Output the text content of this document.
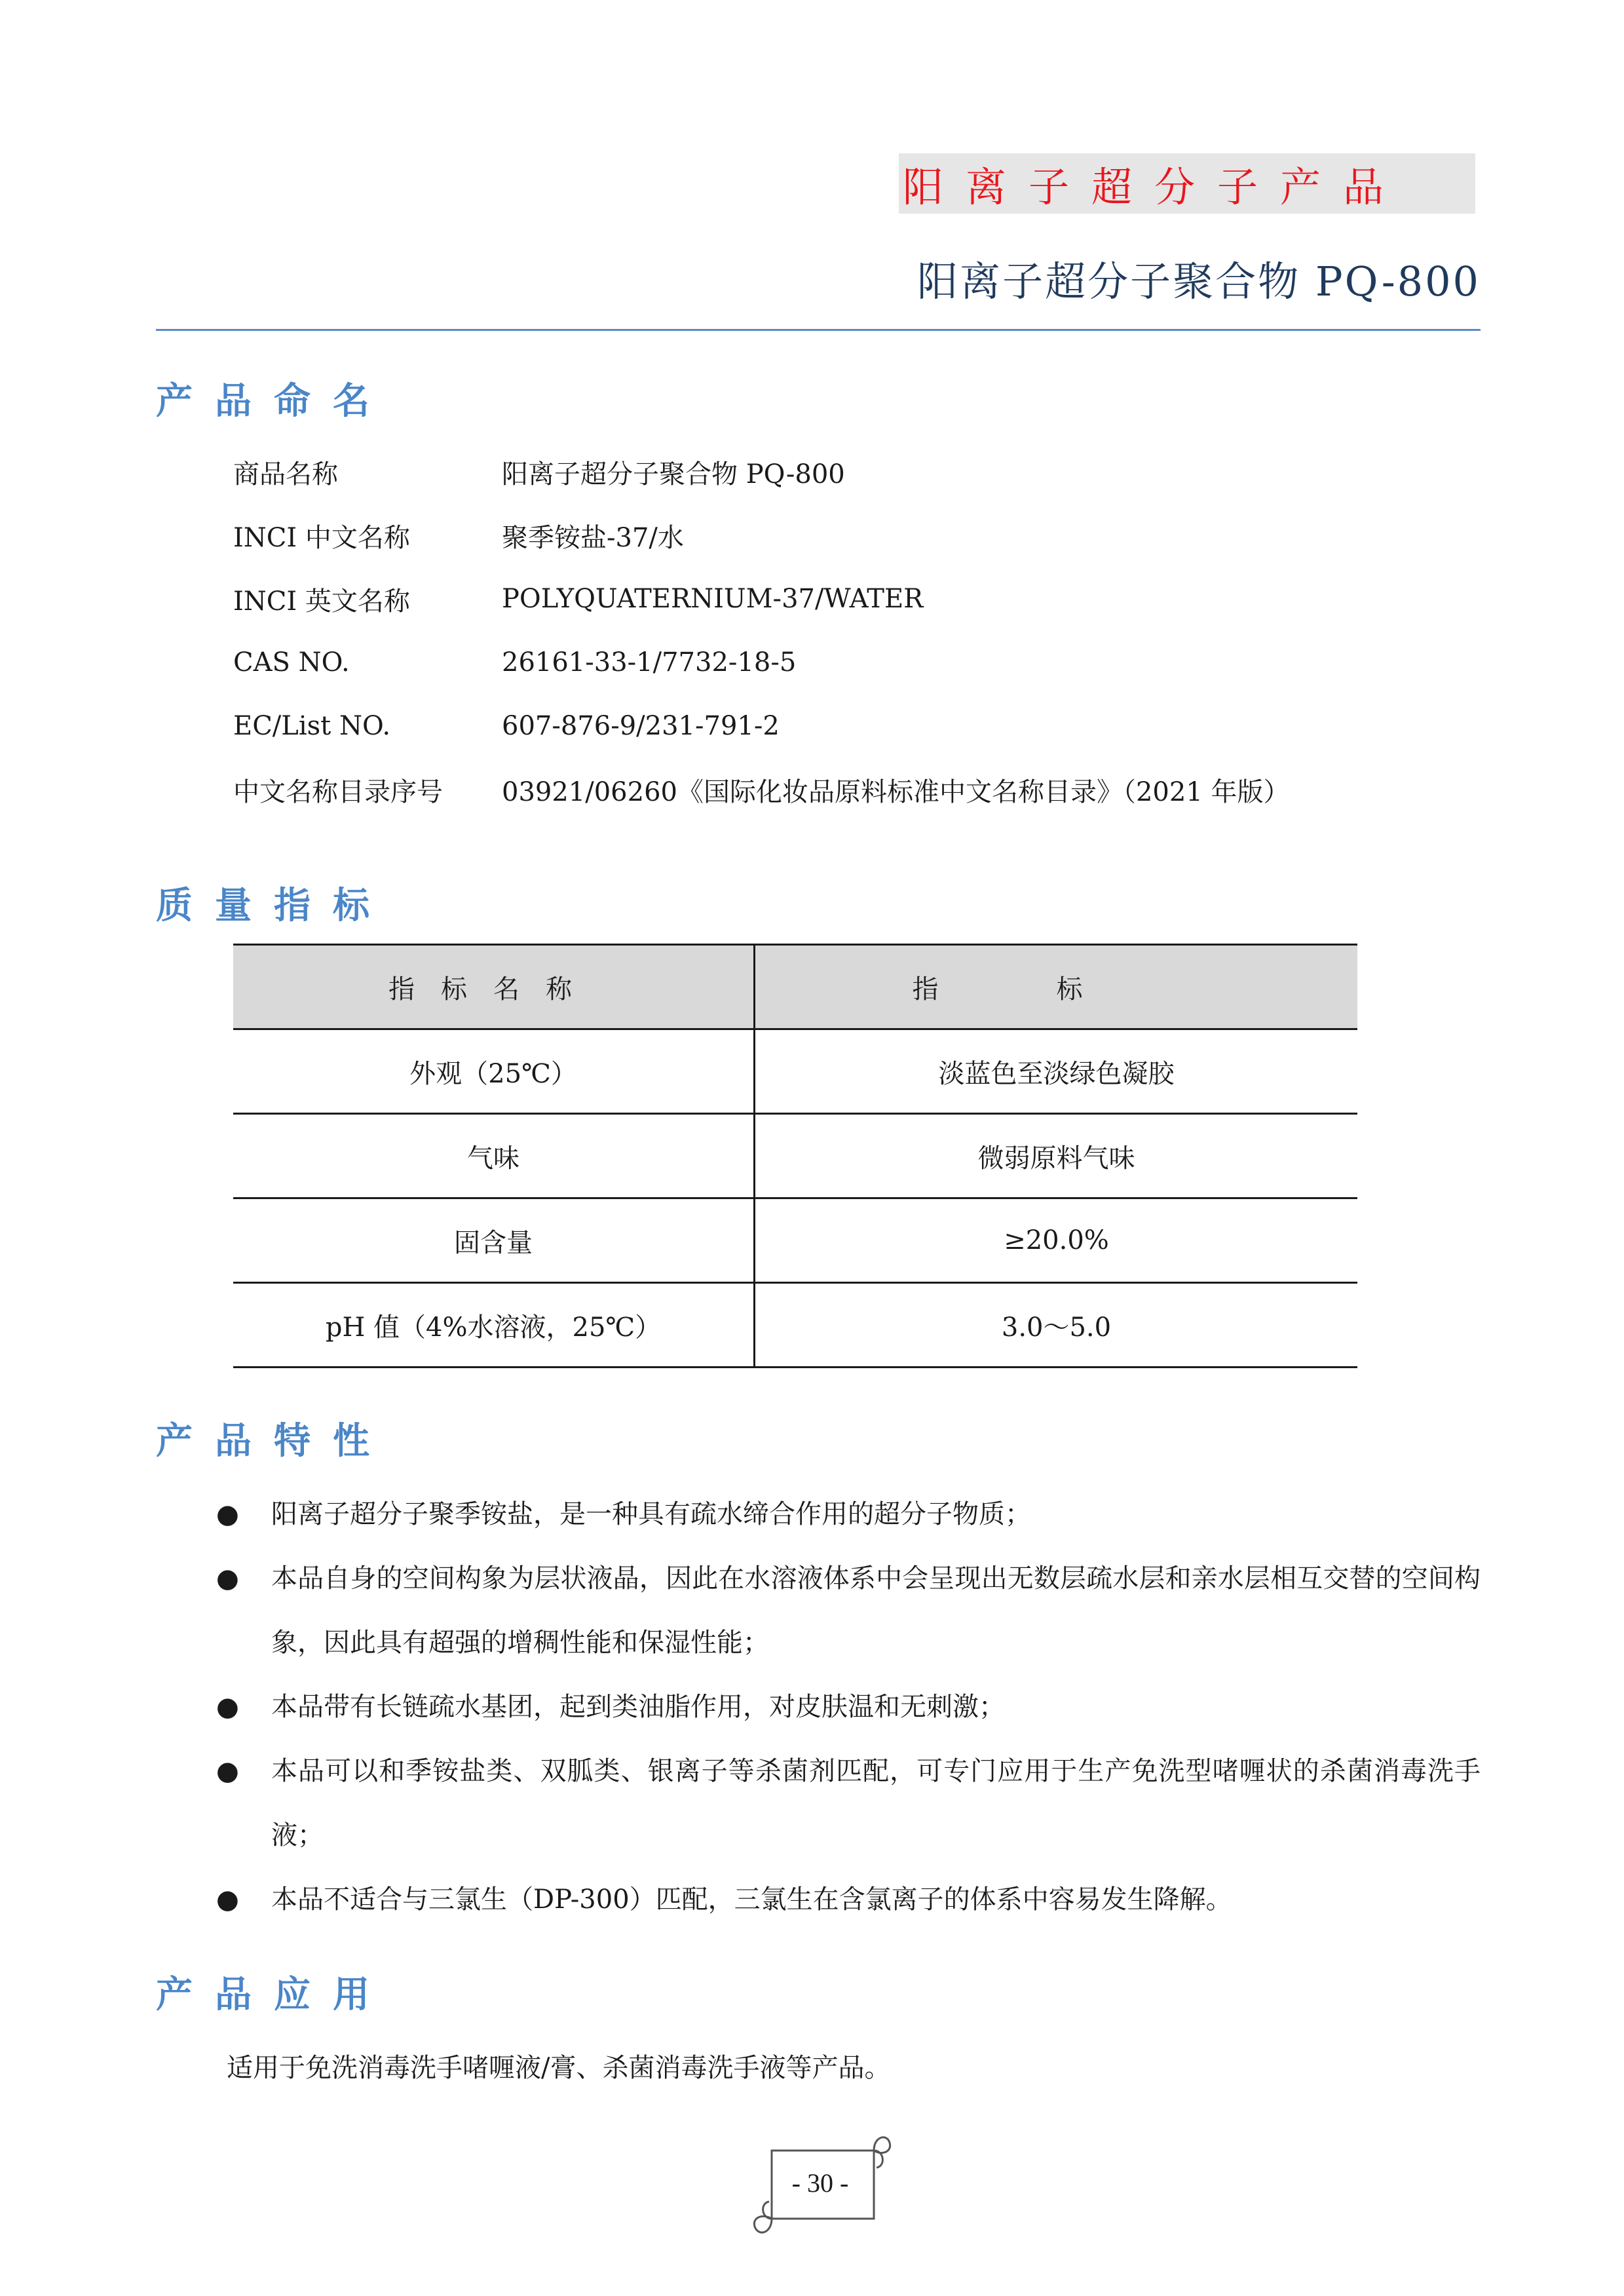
阳离子超分子产品
阳离子超分子聚合物 PQ-800
产品命名
商品名称	阳离子超分子聚合物 PQ-800
INCI 中文名称	聚季铵盐-37/水
INCI 英文名称	POLYQUATERNIUM-37/WATER
CAS NO.	26161-33-1/7732-18-5
EC/List NO.	607-876-9/231-791-2
中文名称目录序号	03921/06260《国际化妆品原料标准中文名称目录》（2021 年版）
质量指标
指标名称	指标
外观（25℃）	淡蓝色至淡绿色凝胶
气味	微弱原料气味
固含量	≥20.0%
pH 值（4%水溶液，25℃）	3.0～5.0
产品特性
●	阳离子超分子聚季铵盐，是一种具有疏水缔合作用的超分子物质；
●	本品自身的空间构象为层状液晶，因此在水溶液体系中会呈现出无数层疏水层和亲水层相互交替的空间构象，因此具有超强的增稠性能和保湿性能；
●	本品带有长链疏水基团，起到类油脂作用，对皮肤温和无刺激；
●	本品可以和季铵盐类、双胍类、银离子等杀菌剂匹配，可专门应用于生产免洗型啫喱状的杀菌消毒洗手液；
●	本品不适合与三氯生（DP-300）匹配，三氯生在含氯离子的体系中容易发生降解。
产品应用
适用于免洗消毒洗手啫喱液/膏、杀菌消毒洗手液等产品。
- 30 -
